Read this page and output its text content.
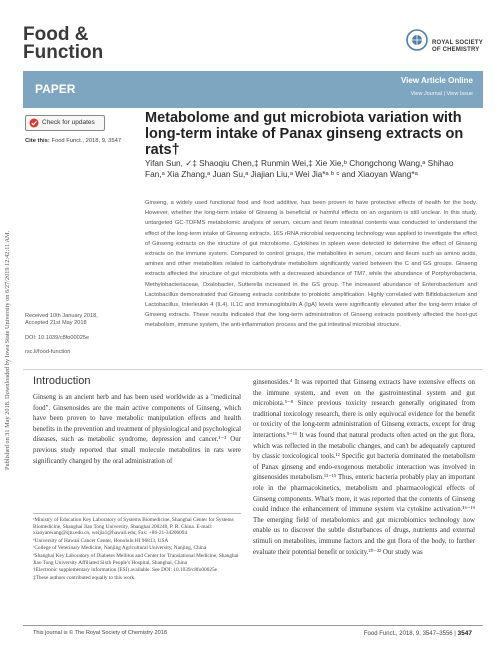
Published on 31 May 2018. Downloaded by Iowa State University on 6/27/2019 12:42:11 AM.
Food &
Function	ROYAL SOCIETY
OF CHEMISTRY
PAPER
View Article Online
View Journal | View Issue
Check for updates
Cite this: Food Funct., 2018, 9, 3547
Metabolome and gut microbiota variation with long-term intake of Panax ginseng extracts on rats†
Yifan Sun, ✓‡ Shaoqiu Chen,‡ Runmin Wei,‡ Xie Xie,ᵇ Chongchong Wang,ᵃ Shihao Fan,ᵃ Xia Zhang,ᵃ Juan Su,ᵃ Jiajian Liu,ᵃ Wei Jia*ᵃ ᵇ ᶜ and Xiaoyan Wang*ᵃ
Received 10th January 2018,
Accepted 21st May 2018
DOI: 10.1039/c8fo00025e
rsc.li/food-function
Ginseng, a widely used functional food and food additive, has been proven to have protective effects of health for the body. However, whether the long-term intake of Ginseng is beneficial or harmful effects on an organism is still unclear. In this study, untargeted GC-TOFMS metabolomic analysis of serum, cecum and ileum intestinal contents was conducted to understand the effect of the long-term intake of Ginseng extracts. 16S rRNA microbial sequencing technology was applied to investigate the effect of Ginseng extracts on the structure of gut microbiome. Cytokines in spleen were detected to determine the effect of Ginseng extracts on the immune system. Compared to control groups, the metabolites in serum, cecum and ileum such as amino acids, amines and other metabolites related to carbohydrate metabolism significantly varied between the C and GS groups. Ginseng extracts affected the structure of gut microbiota with a decreased abundance of TM7, while the abundance of Porphyrobacteria, Methylobacteriaceae, Oxalobacter, Sutterella increased in the GS group. The increased abundance of Enterobacterium and Lactobacillus demonstrated that Ginseng extracts contribute to probiotic amplification. Highly correlated with Bifidobacterium and Lactobacillus, Interleukin 4 (IL4), IL1C and Immunoglobulin A (IgA) levels were significantly elevated after the long-term intake of Ginseng extracts. These results indicated that the long-term administration of Ginseng extracts positively affected the host-gut metabolism, immune system, the anti-inflammation process and the gut intestinal microbial structure.
Introduction
Ginseng is an ancient herb and has been used worldwide as a "medicinal food". Ginsenosides are the main active components of Ginseng, which have been proven to have metabolic manipulation effects and health benefits in the prevention and treatment of physiological and psychological diseases, such as metabolic syndrome, depression and cancer.¹⁻³ Our previous study reported that small molecule metabolites in rats were significantly changed by the oral administration of
ginsenosides.⁴ It was reported that Ginseng extracts have extensive effects on the immune system, and even on the gastrointestinal system and gut microbiota.⁵⁻⁸ Since previous toxicity research generally originated from traditional toxicology research, there is only equivocal evidence for the benefit or toxicity of the long-term administration of Ginseng extracts, except for drug interactions.⁹⁻¹¹ It was found that natural products often acted on the gut flora, which was reflected in the metabolic changes, and can't be adequately captured by classic toxicological tools.¹² Specific gut bacteria dominated the metabolism of Panax ginseng and endo-exogenous metabolic interaction was involved in ginsenosides metabolism.¹³⁻¹⁵ Thus, enteric bacteria probably play an important role in the pharmacokinetics, metabolism and pharmacological effects of Ginseng components. What's more, it was reported that the contents of Ginseng could induce the enhancement of immune system via cytokine activation.¹⁶⁻¹⁹ The emerging field of metabolomics and gut microbiomics technology now enable us to discover the subtle disturbances of drugs, nutrients and external stimuli on metabolites, immune factors and the gut flora of the body, to further evaluate their potential benefit or toxicity.²⁰⁻²² Our study was
ᵃMinistry of Education Key Laboratory of Systems Biomedicine, Shanghai Center for Systems Biomedicine, Shanghai Jiao Tong University, Shanghai 200240, P. R. China. E-mail: xiaoyanwang@sjtu.edu.cn, weijia1@hawaii.edu; Fax: +86-21-34206094
ᵇUniversity of Hawaii Cancer Center, Honolulu HI 96813, USA
ᶜCollege of Veterinary Medicine, Nanjing Agricultural University, Nanjing, China
ᵈShanghai Key Laboratory of Diabetes Mellitus and Center for Translational Medicine, Shanghai Jiao Tong University Affiliated Sixth People's Hospital, Shanghai, China
†Electronic supplementary information (ESI) available. See DOI: 10.1039/c8fo00025e
‡These authors contributed equally to this work.
This journal is © The Royal Society of Chemistry 2018	Food Funct., 2018, 9, 3547–3556 | 3547
